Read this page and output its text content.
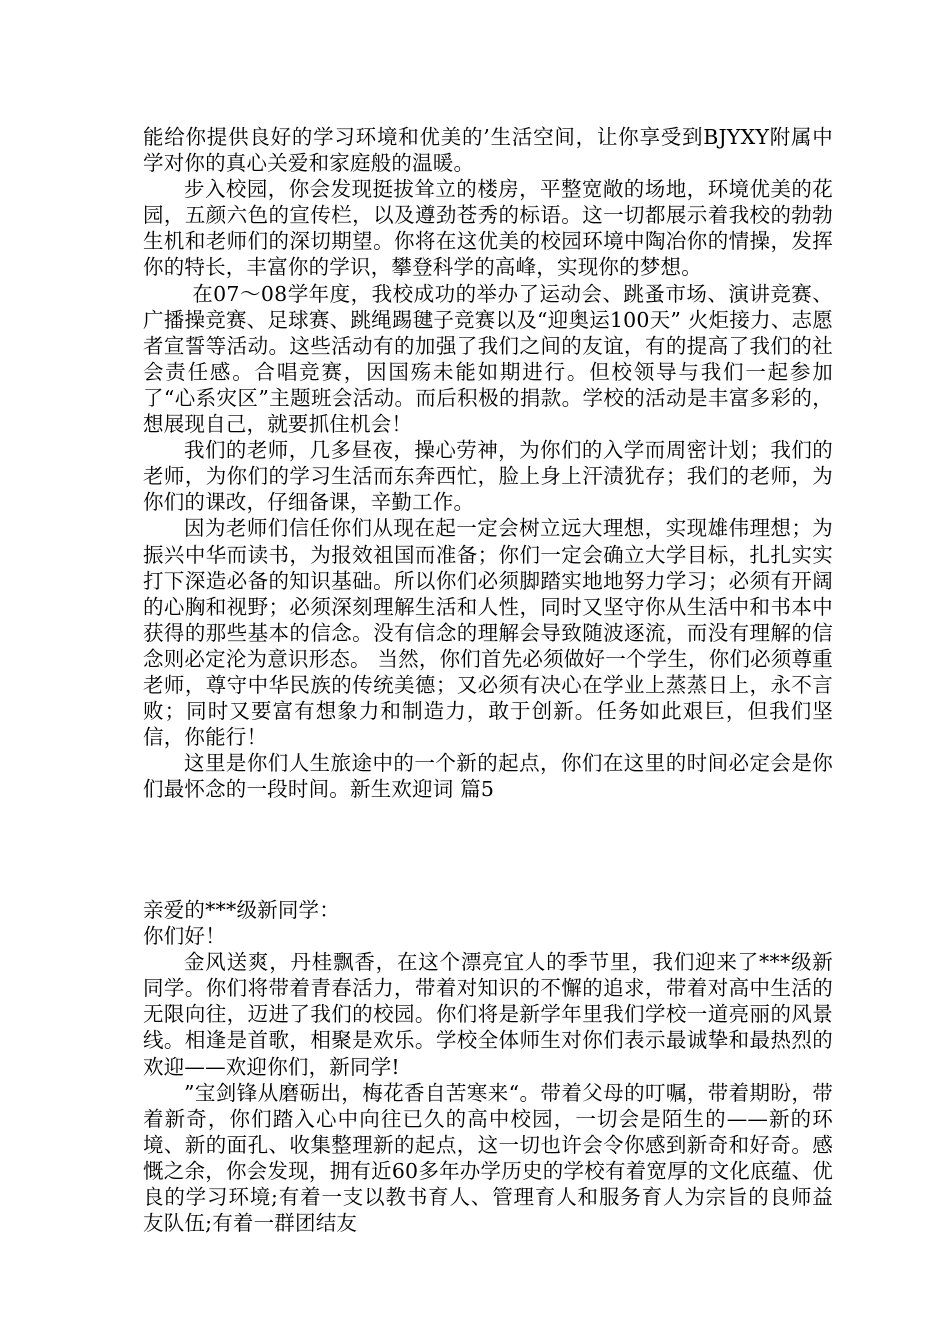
能给你提供良好的学习环境和优美的’生活空间，让你享受到BJYXY附属中学对你的真心关爱和家庭般的温暖。

步入校园，你会发现挺拔耸立的楼房，平整宽敞的场地，环境优美的花园，五颜六色的宣传栏，以及遵劲苍秀的标语。这一切都展示着我校的勃勃生机和老师们的深切期望。你将在这优美的校园环境中陶冶你的情操，发挥你的特长，丰富你的学识，攀登科学的高峰，实现你的梦想。

在07～08学年度，我校成功的举办了运动会、跳蚤市场、演讲竞赛、广播操竞赛、足球赛、跳绳踢毽子竞赛以及“迎奥运100天” 火炬接力、志愿者宣誓等活动。这些活动有的加强了我们之间的友谊，有的提高了我们的社会责任感。合唱竞赛，因国殇未能如期进行。但校领导与我们一起参加了“心系灾区”主题班会活动。而后积极的捐款。学校的活动是丰富多彩的，想展现自己，就要抓住机会！

我们的老师，几多昼夜，操心劳神，为你们的入学而周密计划；我们的老师，为你们的学习生活而东奔西忙，脸上身上汗渍犹存；我们的老师，为你们的课改，仔细备课，辛勤工作。

因为老师们信任你们从现在起一定会树立远大理想，实现雄伟理想；为振兴中华而读书，为报效祖国而准备；你们一定会确立大学目标，扎扎实实打下深造必备的知识基础。所以你们必须脚踏实地地努力学习；必须有开阔的心胸和视野；必须深刻理解生活和人性，同时又坚守你从生活中和书本中获得的那些基本的信念。没有信念的理解会导致随波逐流，而没有理解的信念则必定沦为意识形态。 当然，你们首先必须做好一个学生，你们必须尊重老师，尊守中华民族的传统美德；又必须有决心在学业上蒸蒸日上，永不言败；同时又要富有想象力和制造力，敢于创新。任务如此艰巨，但我们坚信，你能行！

这里是你们人生旅途中的一个新的起点，你们在这里的时间必定会是你们最怀念的一段时间。新生欢迎词 篇5

亲爱的***级新同学：

你们好！

金风送爽，丹桂飘香，在这个漂亮宜人的季节里，我们迎来了***级新同学。你们将带着青春活力，带着对知识的不懈的追求，带着对高中生活的无限向往，迈进了我们的校园。你们将是新学年里我们学校一道亮丽的风景线。相逢是首歌，相聚是欢乐。学校全体师生对你们表示最诚挚和最热烈的欢迎——欢迎你们，新同学!

”宝剑锋从磨砺出，梅花香自苦寒来“。带着父母的叮嘱，带着期盼，带着新奇，你们踏入心中向往已久的高中校园，一切会是陌生的——新的环境、新的面孔、收集整理新的起点，这一切也许会令你感到新奇和好奇。感慨之余，你会发现，拥有近60多年办学历史的学校有着宽厚的文化底蕴、优良的学习环境;有着一支以教书育人、管理育人和服务育人为宗旨的良师益友队伍;有着一群团结友
